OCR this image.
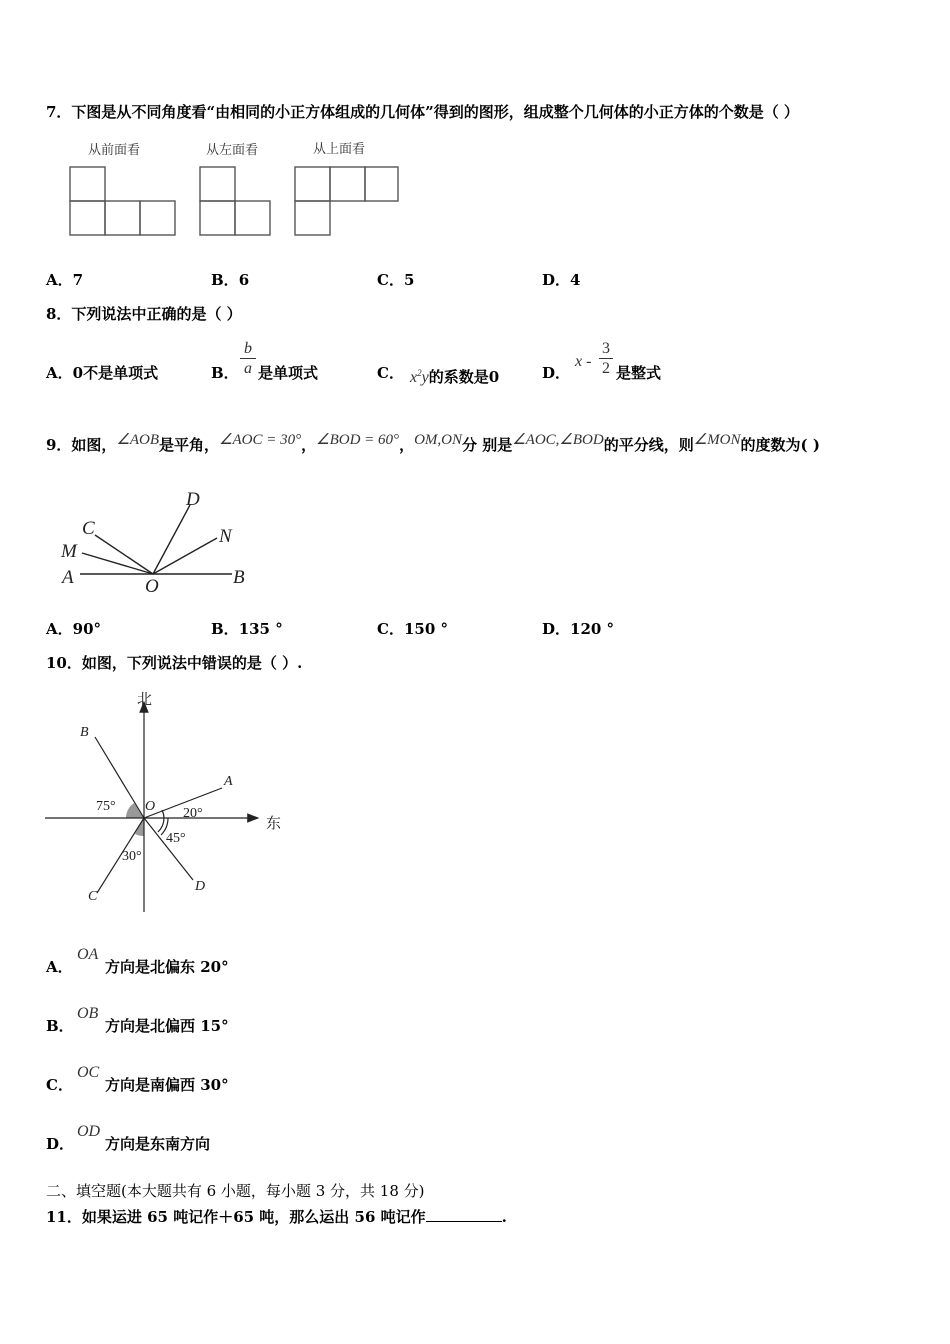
7．下图是从不同角度看“由相同的小正方体组成的几何体”得到的图形，组成整个几何体的小正方体的个数是（ ）
从前面看	从左面看	从上面看
A．7	B．6	C．5	D．4
8．下列说法中正确的是（ ）
A．0不是单项式	B． $\frac{b}{a}$ 是单项式	C． $x^2y$的系数是0	D．
x - $\frac{3}{2}$ 是整式
9．如图，∠AOB是平角，∠AOC = 30°，∠BOD = 60°，OM,ON分 别是∠AOC,∠BOD的平分线，则∠MON的度数为( )
D
C	N
M
A	O	B
A．90°	B．135 °	C．150 °	D．120 °
10．如图，下列说法中错误的是（ ）.
北
东
B
A
O
C
D
75°	20°
45°
30°
A．
OA
方向是北偏东 20°
B．
OB
方向是北偏西 15°
C．
OC
方向是南偏西 30°
D．
OD
方向是东南方向
二、填空题(本大题共有 6 小题，每小题 3 分，共 18 分)
11．如果运进 65 吨记作＋65 吨，那么运出 56 吨记作	.
